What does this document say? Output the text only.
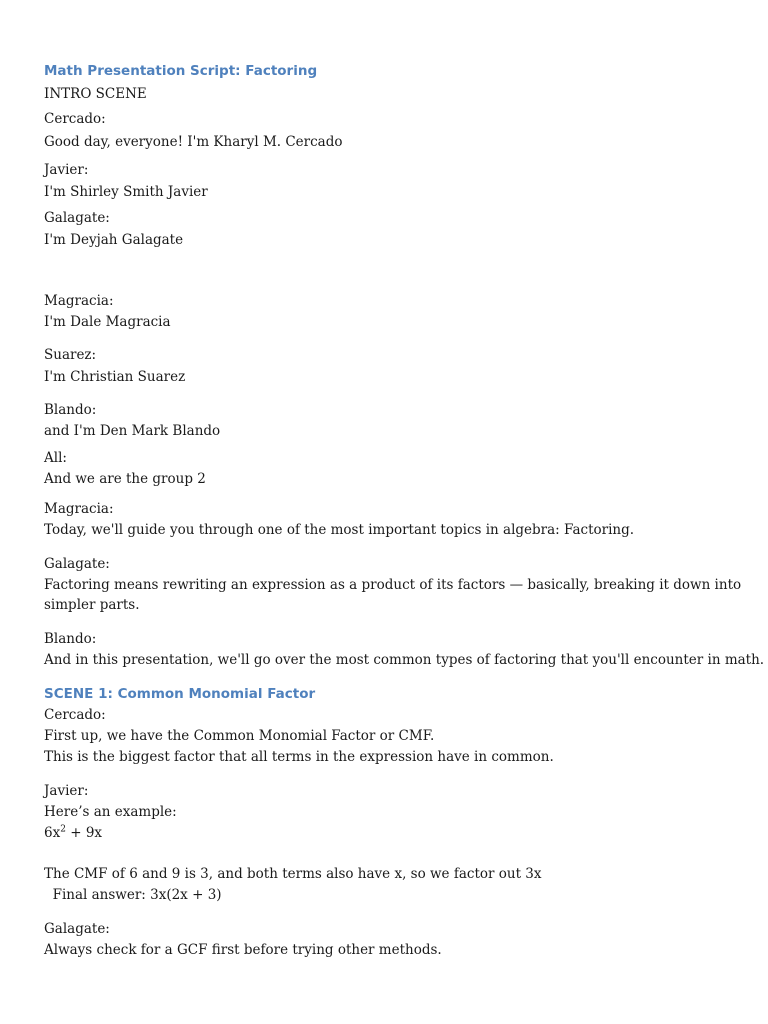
Math Presentation Script: Factoring

INTRO SCENE

Cercado:

Good day, everyone! I'm Kharyl M. Cercado

Javier:

I'm Shirley Smith Javier

Galagate:

I'm Deyjah Galagate

Magracia:

I'm Dale Magracia

Suarez:

I'm Christian Suarez

Blando:

and I'm Den Mark Blando

All:

And we are the group 2

Magracia:

Today, we'll guide you through one of the most important topics in algebra: Factoring.

Galagate:

Factoring means rewriting an expression as a product of its factors — basically, breaking it down into

simpler parts.

Blando:

And in this presentation, we'll go over the most common types of factoring that you'll encounter in math.

SCENE 1: Common Monomial Factor

Cercado:

First up, we have the Common Monomial Factor or CMF.

This is the biggest factor that all terms in the expression have in common.

Javier:

Here’s an example:

$6x^2 + 9x$

The CMF of 6 and 9 is 3, and both terms also have x, so we factor out 3x

Final answer: 3x(2x + 3)

Galagate:

Always check for a GCF first before trying other methods.
